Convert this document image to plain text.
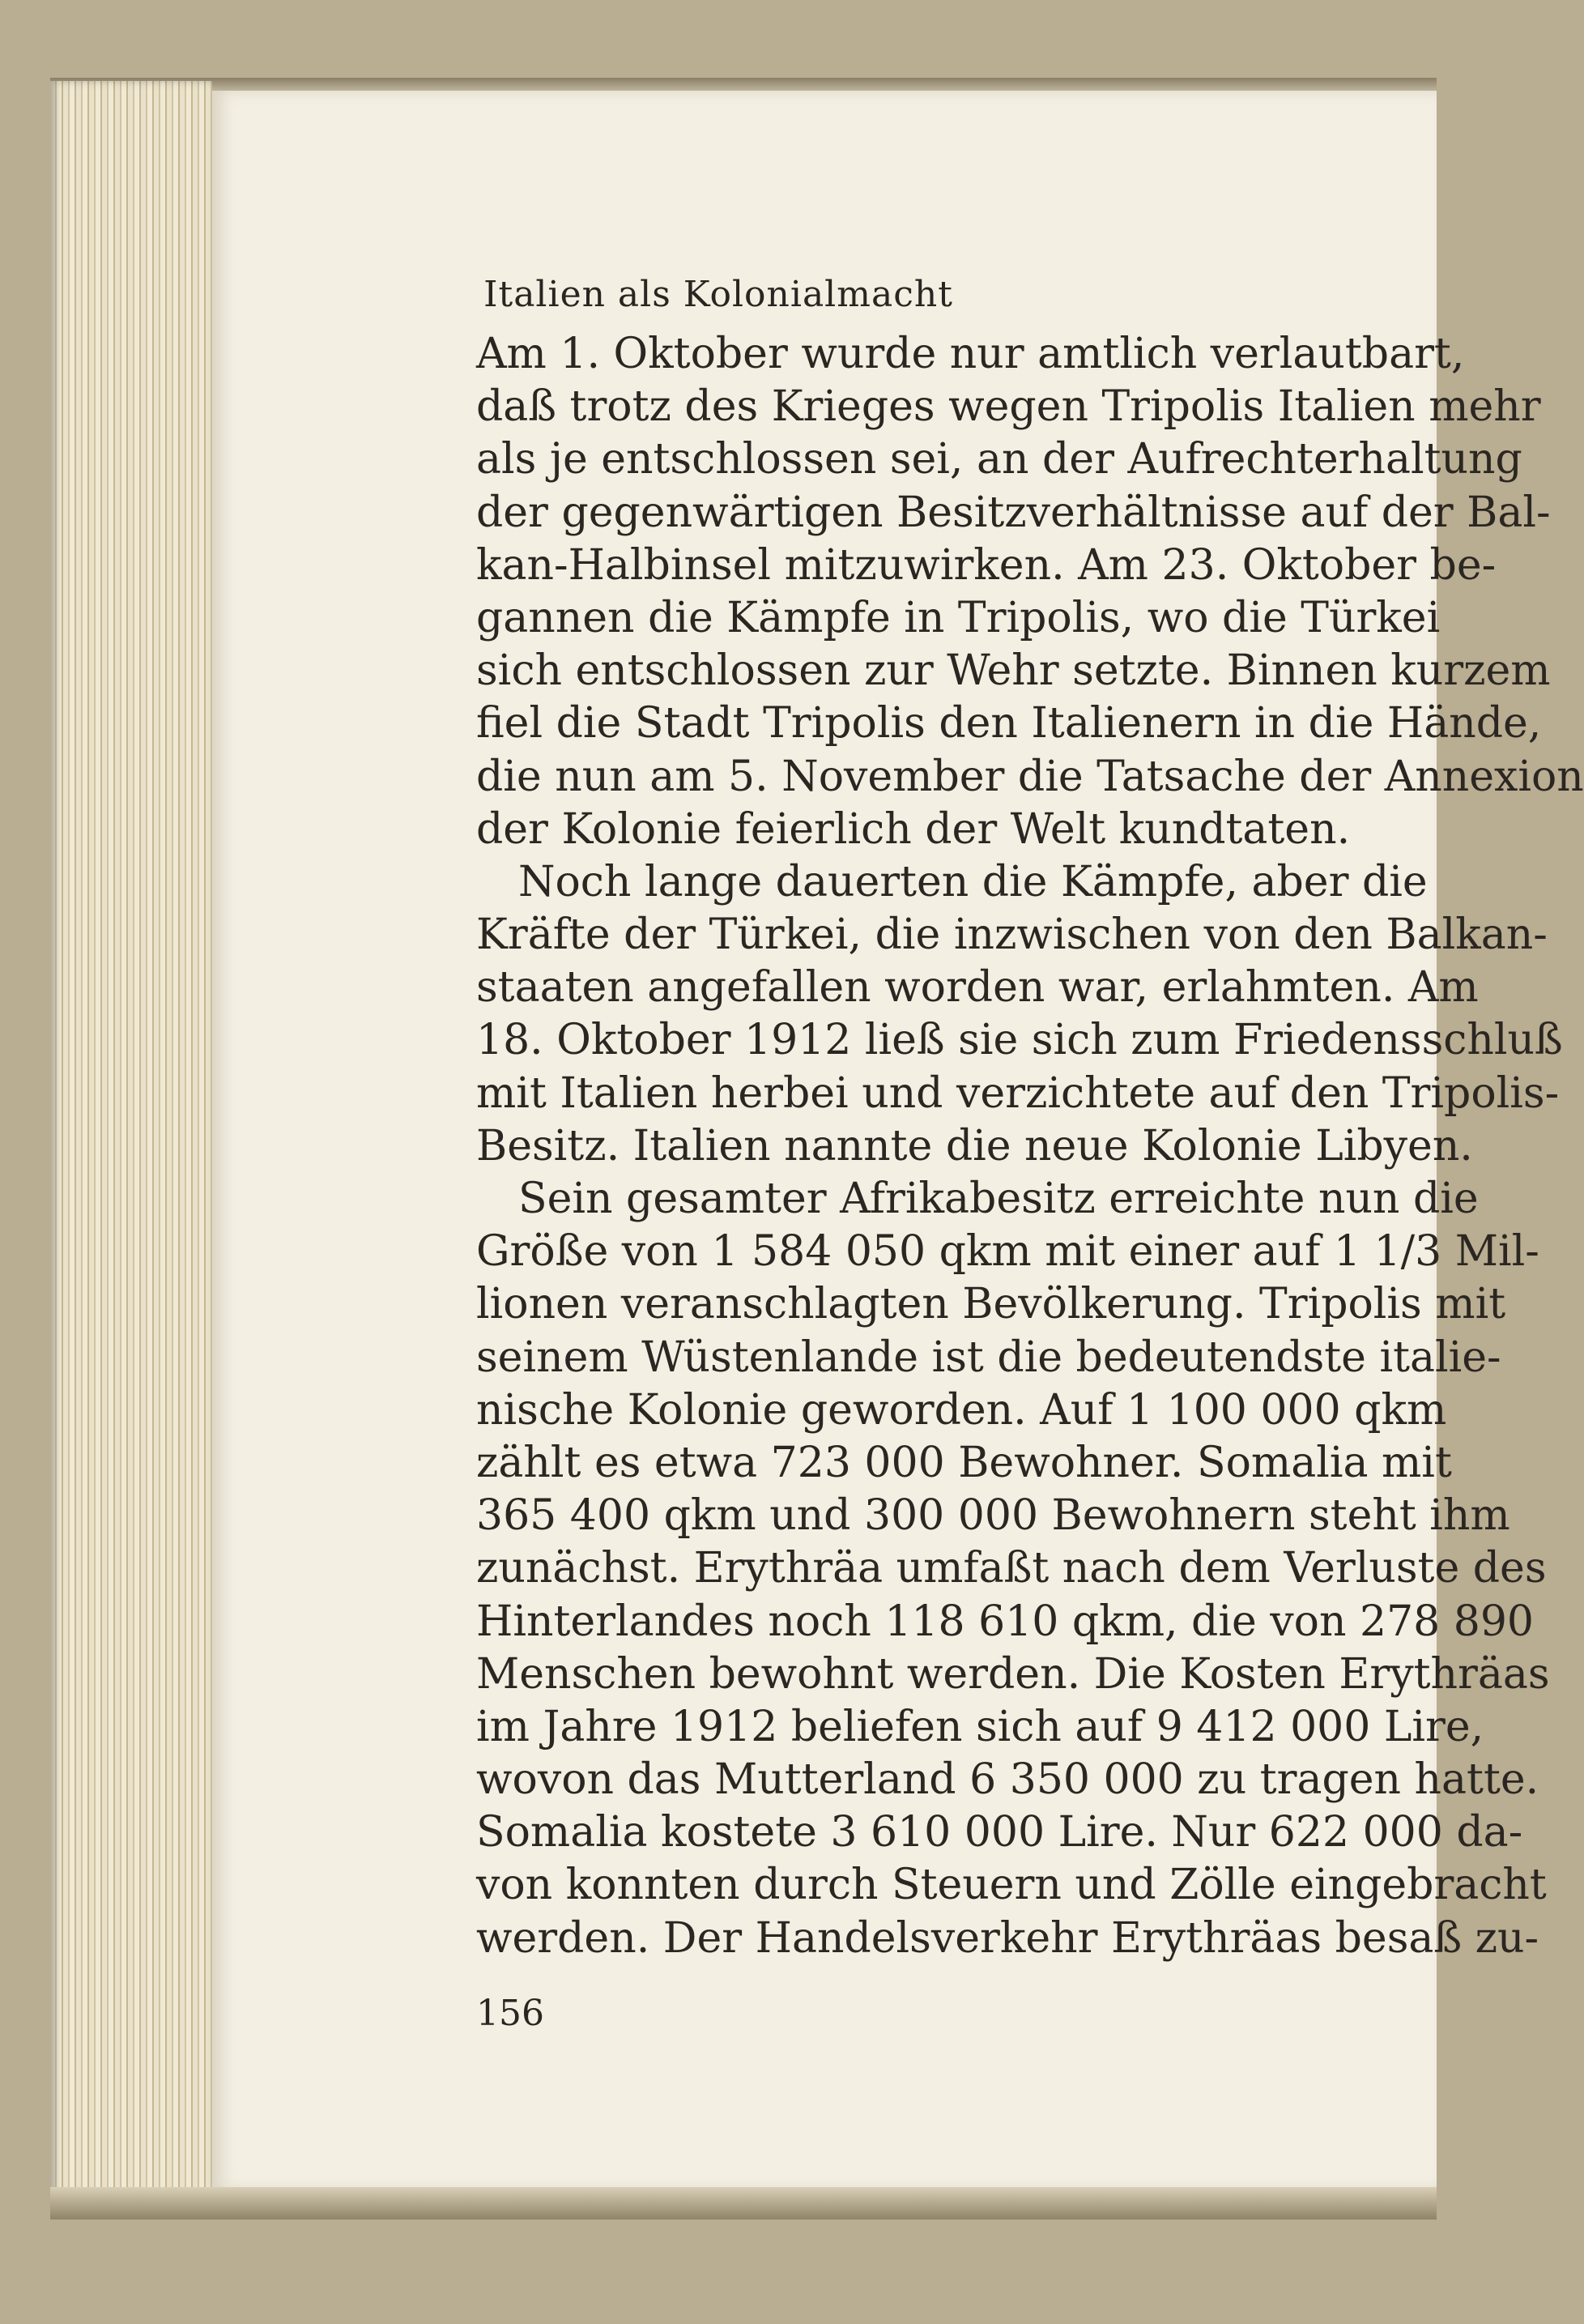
Italien als Kolonialmacht
Am 1. Oktober wurde nur amtlich verlautbart,
daß trotz des Krieges wegen Tripolis Italien mehr
als je entschlossen sei, an der Aufrechterhaltung
der gegenwärtigen Besitzverhältnisse auf der Bal-
kan-Halbinsel mitzuwirken. Am 23. Oktober be-
gannen die Kämpfe in Tripolis, wo die Türkei
sich entschlossen zur Wehr setzte. Binnen kurzem
fiel die Stadt Tripolis den Italienern in die Hände,
die nun am 5. November die Tatsache der Annexion
der Kolonie feierlich der Welt kundtaten.
Noch lange dauerten die Kämpfe, aber die
Kräfte der Türkei, die inzwischen von den Balkan-
staaten angefallen worden war, erlahmten. Am
18. Oktober 1912 ließ sie sich zum Friedensschluß
mit Italien herbei und verzichtete auf den Tripolis-
Besitz. Italien nannte die neue Kolonie Libyen.
Sein gesamter Afrikabesitz erreichte nun die
Größe von 1 584 050 qkm mit einer auf 1 1/3 Mil-
lionen veranschlagten Bevölkerung. Tripolis mit
seinem Wüstenlande ist die bedeutendste italie-
nische Kolonie geworden. Auf 1 100 000 qkm
zählt es etwa 723 000 Bewohner. Somalia mit
365 400 qkm und 300 000 Bewohnern steht ihm
zunächst. Erythräa umfaßt nach dem Verluste des
Hinterlandes noch 118 610 qkm, die von 278 890
Menschen bewohnt werden. Die Kosten Erythräas
im Jahre 1912 beliefen sich auf 9 412 000 Lire,
wovon das Mutterland 6 350 000 zu tragen hatte.
Somalia kostete 3 610 000 Lire. Nur 622 000 da-
von konnten durch Steuern und Zölle eingebracht
werden. Der Handelsverkehr Erythräas besaß zu-
156
